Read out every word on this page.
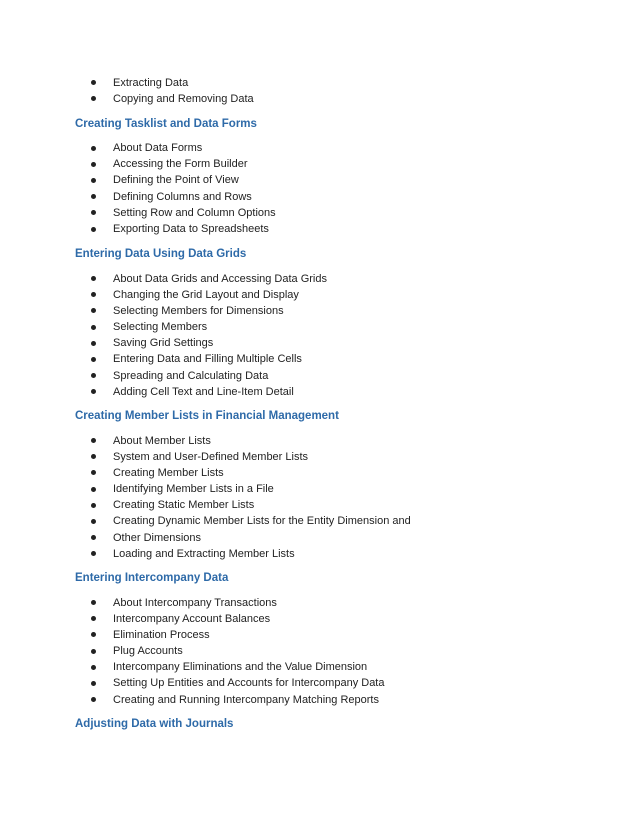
Extracting Data
Copying and Removing Data
Creating Tasklist and Data Forms
About Data Forms
Accessing the Form Builder
Defining the Point of View
Defining Columns and Rows
Setting Row and Column Options
Exporting Data to Spreadsheets
Entering Data Using Data Grids
About Data Grids and Accessing Data Grids
Changing the Grid Layout and Display
Selecting Members for Dimensions
Selecting Members
Saving Grid Settings
Entering Data and Filling Multiple Cells
Spreading and Calculating Data
Adding Cell Text and Line-Item Detail
Creating Member Lists in Financial Management
About Member Lists
System and User-Defined Member Lists
Creating Member Lists
Identifying Member Lists in a File
Creating Static Member Lists
Creating Dynamic Member Lists for the Entity Dimension and
Other Dimensions
Loading and Extracting Member Lists
Entering Intercompany Data
About Intercompany Transactions
Intercompany Account Balances
Elimination Process
Plug Accounts
Intercompany Eliminations and the Value Dimension
Setting Up Entities and Accounts for Intercompany Data
Creating and Running Intercompany Matching Reports
Adjusting Data with Journals
